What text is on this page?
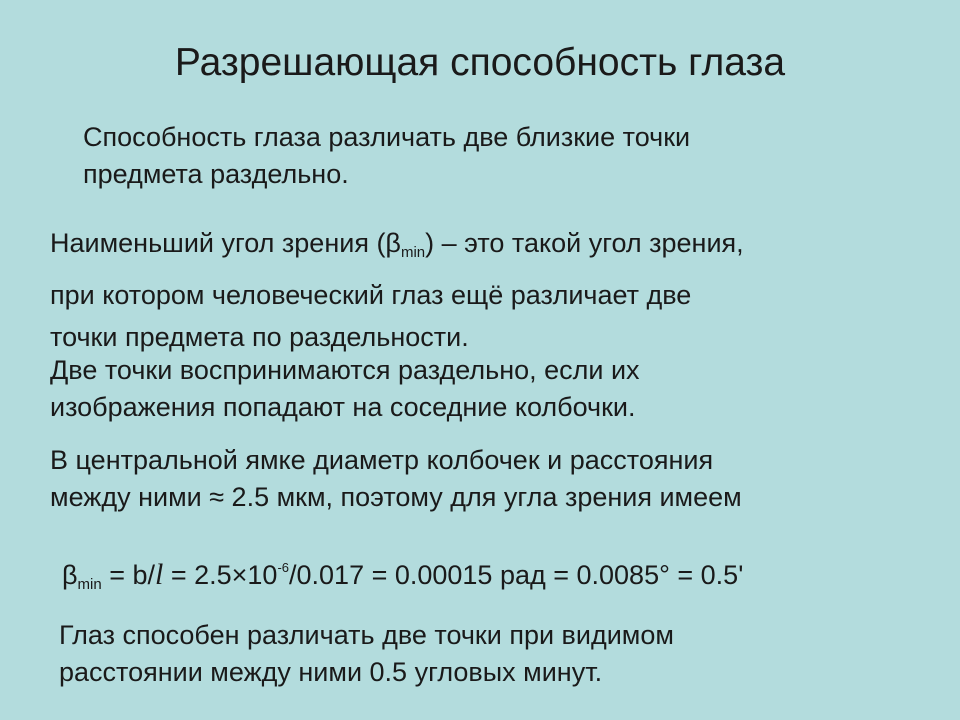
Разрешающая способность глаза
Способность глаза различать две близкие точки
предмета раздельно.
Наименьший угол зрения $(\beta_{min})$ – это такой угол зрения,
при котором человеческий глаз ещё различает две
точки предмета по раздельности.
Две точки воспринимаются раздельно, если их
изображения попадают на соседние колбочки.
В центральной ямке диаметр колбочек и расстояния
между ними ≈ 2.5 мкм, поэтому для угла зрения имеем
$\beta_{min} = b/l = 2.5\times 10^{-6}/0.017 = 0.00015$ рад = 0.0085° = 0.5'
Глаз способен различать две точки при видимом
расстоянии между ними 0.5 угловых минут.
